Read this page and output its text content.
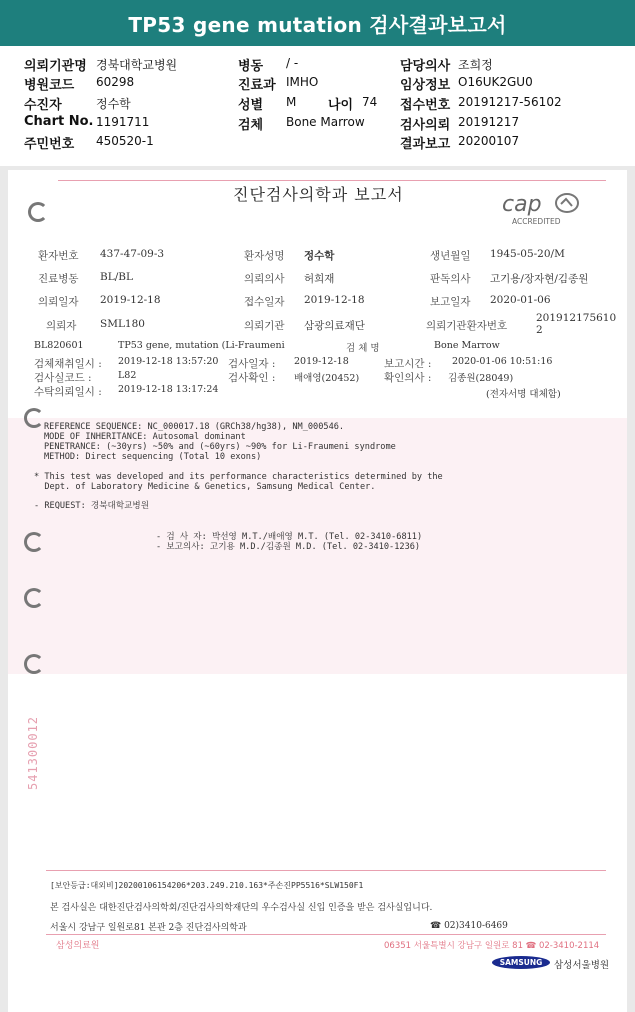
TP53 gene mutation 검사결과보고서
의뢰기관명 경북대학교병원
병원코드 60298
수진자	정수학
Chart No. 1191711
주민번호 450520-1
병동 / -
진료과 IMHO
성별 M 나이 74
검체 Bone Marrow
담당의사 조희정
임상정보 O16UK2GU0
접수번호 20191217-56102
검사의뢰 20191217
결과보고 20200107
진단검사의학과 보고서	cap
ACCREDITED
환자번호 437-47-09-3	환자성명 정수학	생년월일 1945-05-20/M
진료병동 BL/BL	의뢰의사 허희재	판독의사 고기용/장자현/김종원
의뢰일자 2019-12-18	접수일자 2019-12-18	보고일자 2020-01-06
의뢰자 SML180	의뢰기관 삼광의료재단	의뢰기관환자번호
201912175610
2
BL820601	TP53 gene, mutation (Li-Fraumeni	검 체 명	Bone Marrow
검체채취일시 : 2019-12-18 13:57:20 검사일자 : 2019-12-18	보고시간 : 2020-01-06 10:51:16
검사실코드 :	L82	검사확인 : 배애영(20452) 확인의사 : 김종원(28049)
수탁의뢰일시 : 2019-12-18 13:17:24	(전자서명 대체함)
REFERENCE SEQUENCE: NC_000017.18 (GRCh38/hg38), NM_000546.
MODE OF INHERITANCE: Autosomal dominant
PENETRANCE: (~30yrs) ~50% and (~60yrs) ~90% for Li-Fraumeni syndrome
METHOD: Direct sequencing (Total 10 exons)
* This test was developed and its performance characteristics determined by the
Dept. of Laboratory Medicine & Genetics, Samsung Medical Center.
- REQUEST: 경북대학교병원
- 검 사 자: 박선영 M.T./배애영 M.T. (Tel. 02-3410-6811)
- 보고의사: 고기용 M.D./김종원 M.D. (Tel. 02-3410-1236)
541300012
[보안등급:대외비]20200106154206*203.249.210.163*주손진PP5516*SLW150F1
본 검사실은 대한진단검사의학회/진단검사의학재단의 우수검사실 신입 인증을 받은 검사실입니다.
서울시 강남구 일원로81 본관 2층 진단검사의학과	☎ 02)3410-6469
삼성의료원	06351 서울특별시 강남구 일원로 81 ☎ 02-3410-2114
SAMSUNG	삼성서울병원
